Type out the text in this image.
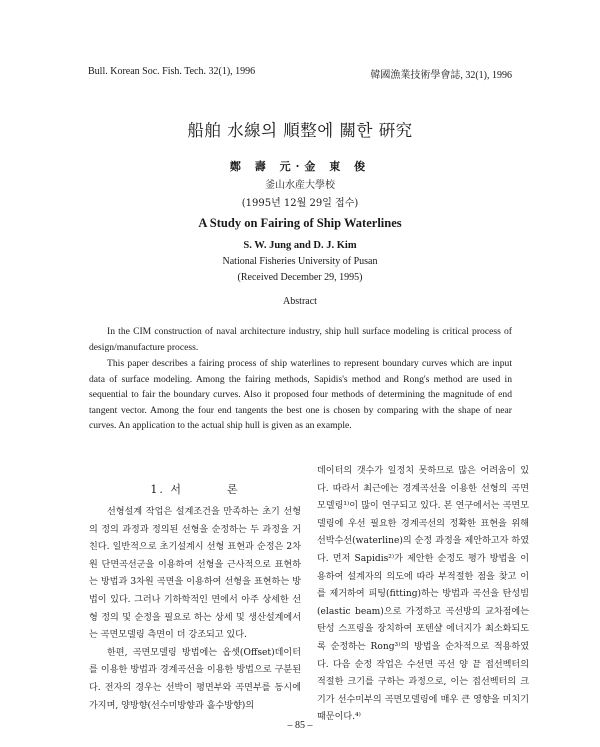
Bull. Korean Soc. Fish. Tech. 32(1), 1996	韓國漁業技術學會誌, 32(1), 1996
船舶 水線의 順整에 關한 硏究
鄭 壽 元·金 東 俊
釜山水産大學校
(1995년 12월 29일 접수)
A Study on Fairing of Ship Waterlines
S. W. Jung and D. J. Kim
National Fisheries University of Pusan
(Received December 29, 1995)
Abstract

In the CIM construction of naval architecture industry, ship hull surface modeling is critical process of design/manufacture process.

This paper describes a fairing process of ship waterlines to represent boundary curves which are input data of surface modeling. Among the fairing methods, Sapidis's method and Rong's method are used in sequential to fair the boundary curves. Also it proposed four methods of determining the magnitude of end tangent vector. Among the four end tangents the best one is chosen by comparing with the shape of near curves. An application to the actual ship hull is given as an example.

1. 서	론

선형설계 작업은 설계조건을 만족하는 초기 선형의 정의 과정과 정의된 선형을 순정하는 두 과정을 거친다. 일반적으로 초기설계시 선형 표현과 순정은 2차원 단면곡선군을 이용하여 선형을 근사적으로 표현하는 방법과 3차원 곡면을 이용하여 선형을 표현하는 방법이 있다. 그러나 기하학적인 면에서 아주 상세한 선형 정의 및 순정을 필요로 하는 상세 및 생산설계에서는 곡면모델링 측면이 더 강조되고 있다.

한편, 곡면모델링 방법에는 옵셋(Offset)데이터를 이용한 방법과 경계곡선을 이용한 방법으로 구분된다. 전자의 경우는 선박이 평면부와 곡면부를 동시에 가지며, 양방향(선수미방향과 흘수방향)의

데이터의 갯수가 일정치 못하므로 많은 어려움이 있다. 따라서 최근에는 경계곡선을 이용한 선형의 곡면모델링¹⁾이 많이 연구되고 있다. 본 연구에서는 곡면모델링에 우선 필요한 경계곡선의 정확한 표현을 위해 선박수선(waterline)의 순정 과정을 제안하고자 하였다. 먼저 Sapidis²⁾가 제안한 순정도 평가 방법을 이용하여 설계자의 의도에 따라 부적절한 점을 찾고 이를 제거하여 피팅(fitting)하는 방법과 곡선을 탄성빔(elastic beam)으로 가정하고 곡선방의 교차점에는 탄성 스프링을 장치하여 포텐샬 에너지가 최소화되도록 순정하는 Rong³⁾의 방법을 순차적으로 적용하였다. 다음 순정 작업은 수선면 곡선 양 끝 접선벡터의 적절한 크기를 구하는 과정으로, 이는 접선벡터의 크기가 선수미부의 곡면모델링에 매우 큰 영향을 미치기 때문이다.⁴⁾

– 85 –
